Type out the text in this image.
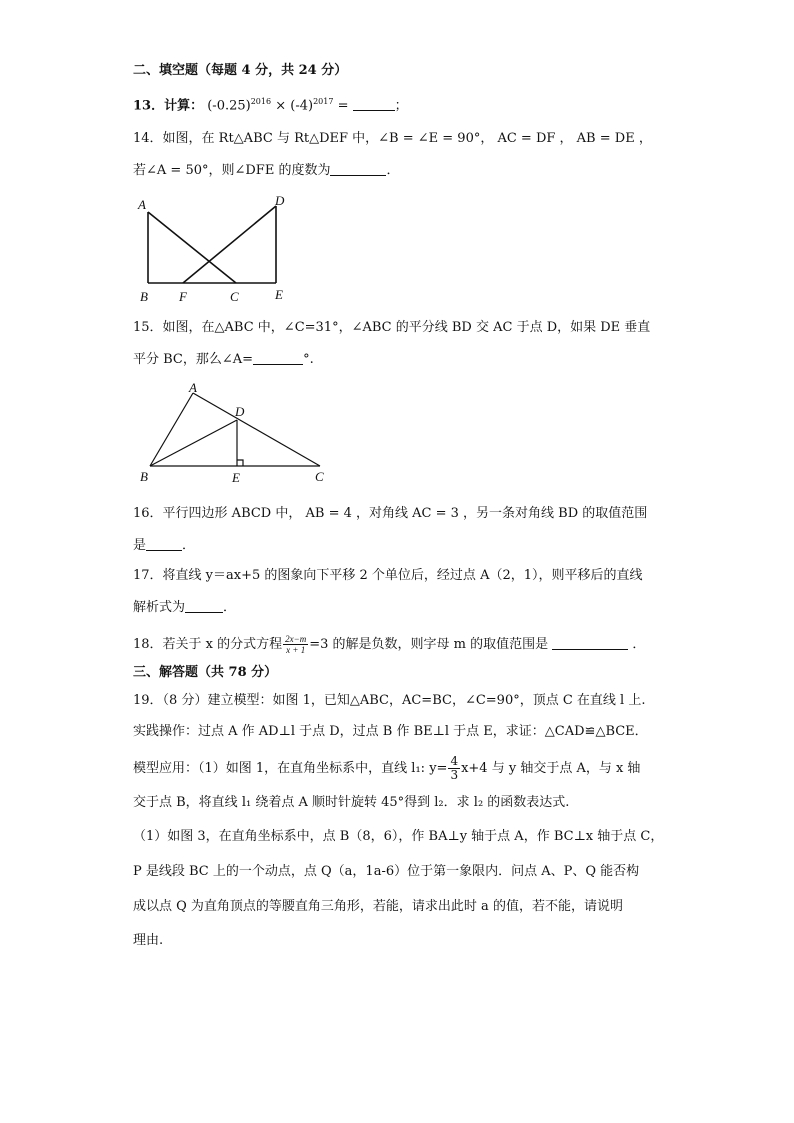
二、填空题（每题 4 分，共 24 分）
13．计算： $(-0.25)^{2016} \times (-4)^{2017}$ =	；
14．如图，在 Rt△ABC 与 Rt△DEF 中，∠B = ∠E = 90°， AC = DF ， AB = DE ，
若∠A = 50°，则∠DFE 的度数为	．
A
B F	C	E
D
15．如图，在△ABC 中，∠C=31°，∠ABC 的平分线 BD 交 AC 于点 D，如果 DE 垂直
平分 BC，那么∠A=	°.
A
D
B	E	C
16．平行四边形 ABCD 中， AB = 4 ，对角线 AC = 3 ，另一条对角线 BD 的取值范围
是	．
17．将直线 y＝ax+5 的图象向下平移 2 个单位后，经过点 A（2，1），则平移后的直线
解析式为	．
18．若关于 x 的分式方程 $\frac{2x-m}{x + 1} =3$ 的解是负数，则字母 m 的取值范围是	．
三、解答题（共 78 分）
19．（8 分）建立模型：如图 1，已知△ABC，AC=BC，∠C=90°，顶点 C 在直线 l 上.
实践操作：过点 A 作 AD⊥l 于点 D，过点 B 作 BE⊥l 于点 E，求证：△CAD≌△BCE．
模型应用：（1）如图 1，在直角坐标系中，直线 l₁: $y= \frac{4}{3} x+4$ 与 y 轴交于点 A，与 x 轴
交于点 B，将直线 l₁ 绕着点 A 顺时针旋转 45°得到 l₂．求 l₂ 的函数表达式.
（1）如图 3，在直角坐标系中，点 B（8，6），作 BA⊥y 轴于点 A，作 BC⊥x 轴于点 C，
P 是线段 BC 上的一个动点，点 Q（a，1a-6）位于第一象限内．问点 A、P、Q 能否构
成以点 Q 为直角顶点的等腰直角三角形，若能，请求出此时 a 的值，若不能，请说明
理由.
